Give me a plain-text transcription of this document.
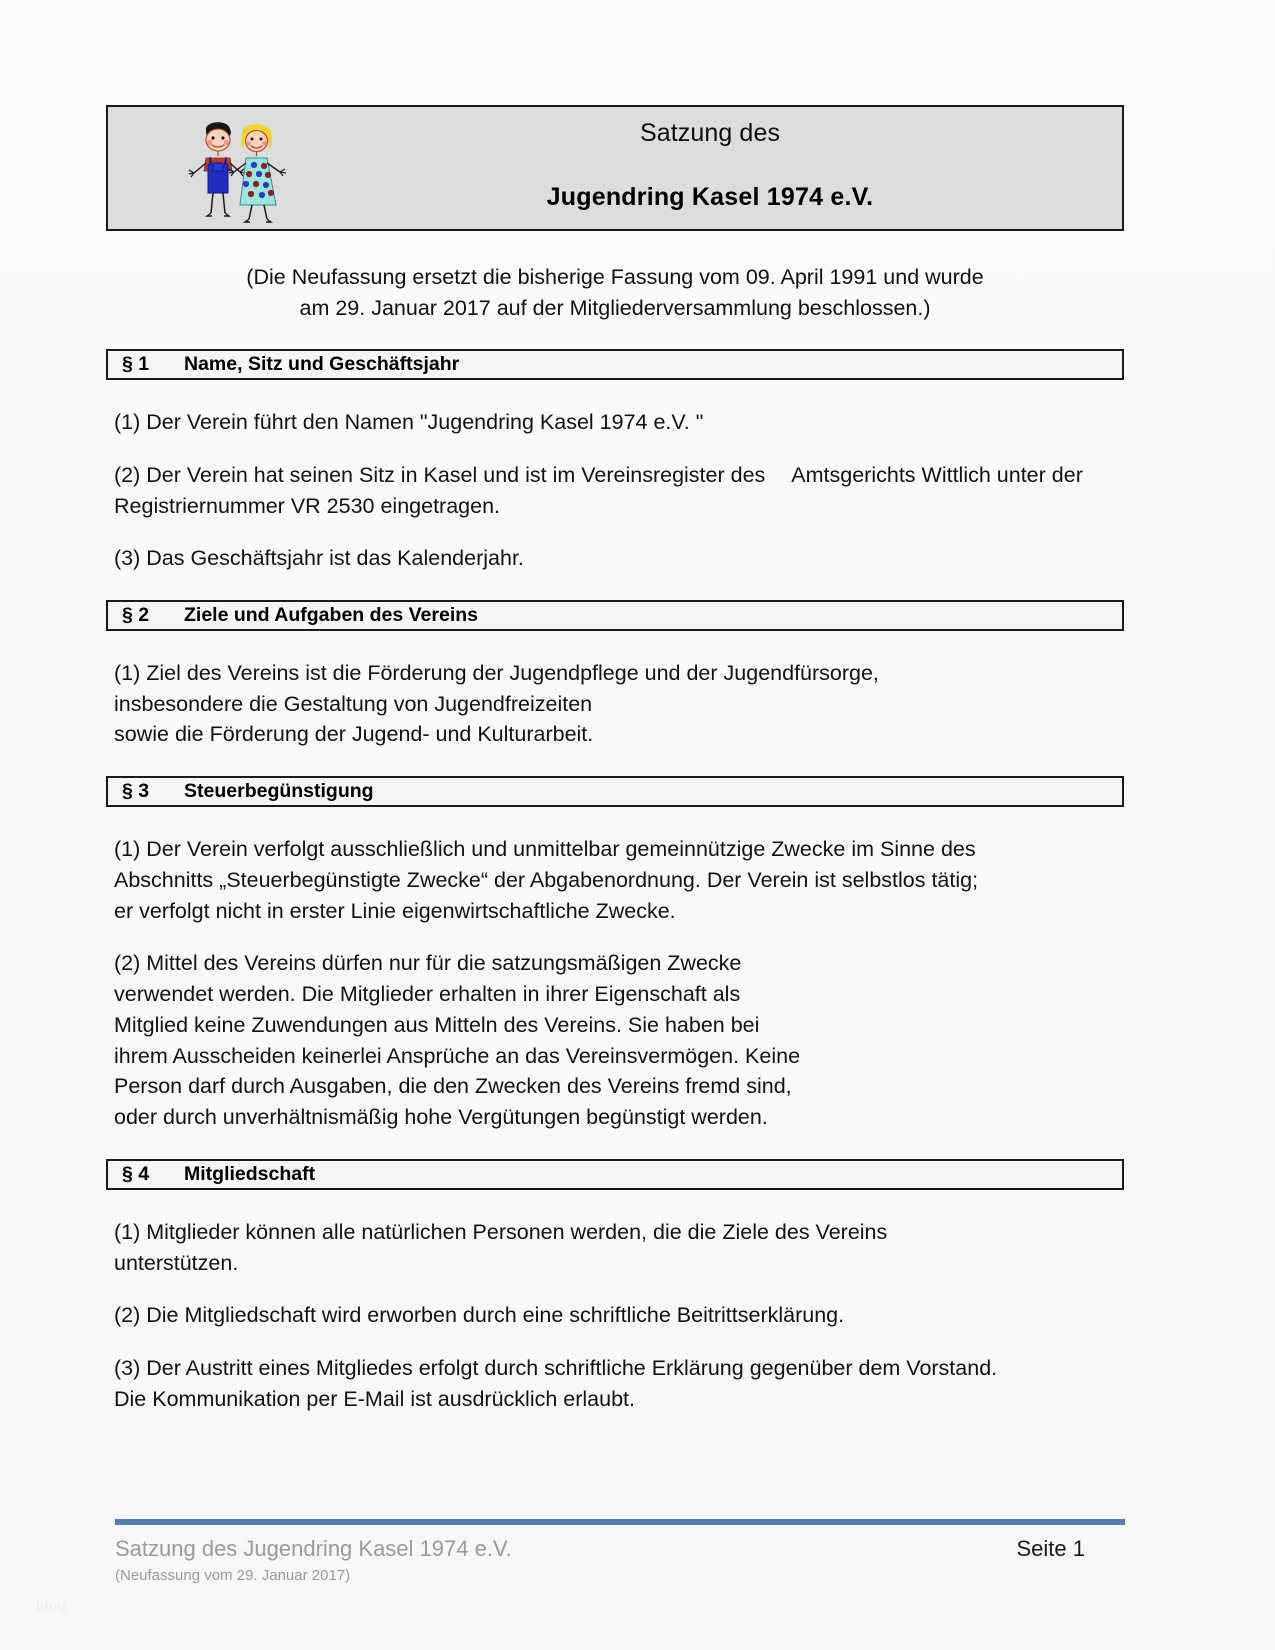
Satzung des
Jugendring Kasel 1974 e.V.
(Die Neufassung ersetzt die bisherige Fassung vom 09. April 1991 und wurde
am 29. Januar 2017 auf der Mitgliederversammlung beschlossen.)
§ 1	Name, Sitz und Geschäftsjahr

(1) Der Verein führt den Namen "Jugendring Kasel 1974 e.V. "

(2) Der Verein hat seinen Sitz in Kasel und ist im Vereinsregister des Amtsgerichts Wittlich unter der Registriernummer VR 2530 eingetragen.

(3) Das Geschäftsjahr ist das Kalenderjahr.

§ 2	Ziele und Aufgaben des Vereins

(1) Ziel des Vereins ist die Förderung der Jugendpflege und der Jugendfürsorge,

insbesondere die Gestaltung von Jugendfreizeiten

sowie die Förderung der Jugend- und Kulturarbeit.

§ 3	Steuerbegünstigung

(1) Der Verein verfolgt ausschließlich und unmittelbar gemeinnützige Zwecke im Sinne des

Abschnitts „Steuerbegünstigte Zwecke“ der Abgabenordnung. Der Verein ist selbstlos tätig;

er verfolgt nicht in erster Linie eigenwirtschaftliche Zwecke.

(2) Mittel des Vereins dürfen nur für die satzungsmäßigen Zwecke

verwendet werden. Die Mitglieder erhalten in ihrer Eigenschaft als

Mitglied keine Zuwendungen aus Mitteln des Vereins. Sie haben bei

ihrem Ausscheiden keinerlei Ansprüche an das Vereinsvermögen. Keine

Person darf durch Ausgaben, die den Zwecken des Vereins fremd sind,

oder durch unverhältnismäßig hohe Vergütungen begünstigt werden.

§ 4	Mitgliedschaft

(1) Mitglieder können alle natürlichen Personen werden, die die Ziele des Vereins

unterstützen.

(2) Die Mitgliedschaft wird erworben durch eine schriftliche Beitrittserklärung.

(3) Der Austritt eines Mitgliedes erfolgt durch schriftliche Erklärung gegenüber dem Vorstand.

Die Kommunikation per E-Mail ist ausdrücklich erlaubt.

Satzung des Jugendring Kasel 1974 e.V.
(Neufassung vom 29. Januar 2017)
Seite 1
blog
